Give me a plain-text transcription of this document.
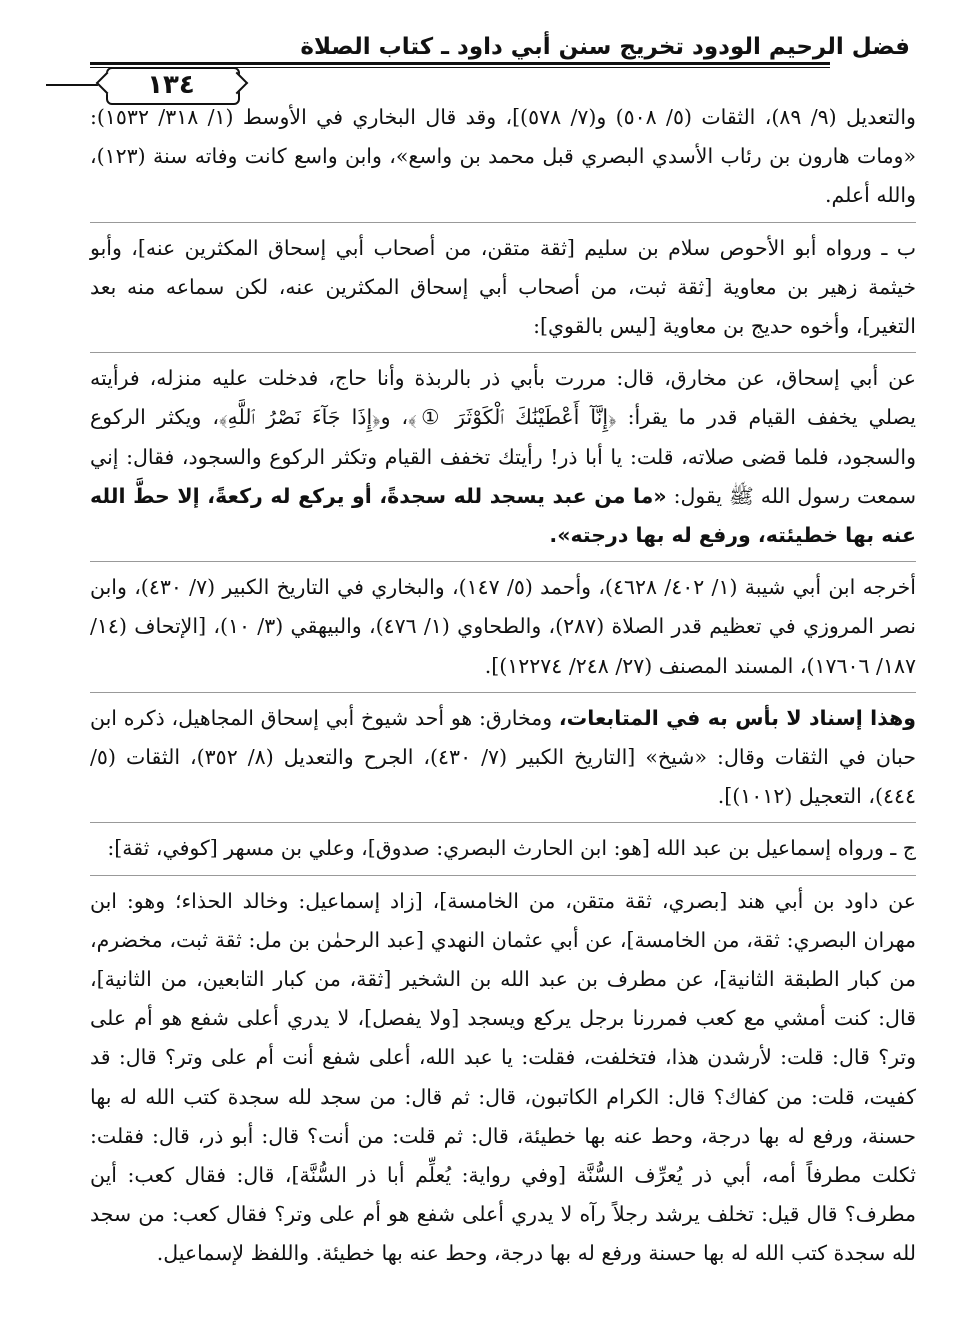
فضل الرحيم الودود تخريج سنن أبي داود ـ كتاب الصلاة
١٣٤

والتعديل (٩/ ٨٩)، الثقات (٥/ ٥٠٨) و(٧/ ٥٧٨)]، وقد قال البخاري في الأوسط (١/ ٣١٨/ ١٥٣٢): «ومات هارون بن رئاب الأسدي البصري قبل محمد بن واسع»، وابن واسع كانت وفاته سنة (١٢٣)، والله أعلم.

ب ـ ورواه أبو الأحوص سلام بن سليم [ثقة متقن، من أصحاب أبي إسحاق المكثرين عنه]، وأبو خيثمة زهير بن معاوية [ثقة ثبت، من أصحاب أبي إسحاق المكثرين عنه، لكن سماعه منه بعد التغير]، وأخوه حديج بن معاوية [ليس بالقوي]:

عن أبي إسحاق، عن مخارق، قال: مررت بأبي ذر بالربذة وأنا حاج، فدخلت عليه منزله، فرأيته يصلي يخفف القيام قدر ما يقرأ: ﴿إِنَّآ أَعْطَيْنَٰكَ ٱلْكَوْثَرَ ①﴾، و﴿إِذَا جَآءَ نَصْرُ ٱللَّهِ﴾، ويكثر الركوع والسجود، فلما قضى صلاته، قلت: يا أبا ذر! رأيتك تخفف القيام وتكثر الركوع والسجود، فقال: إني سمعت رسول الله ﷺ يقول: «ما من عبد يسجد لله سجدةً، أو يركع له ركعةً، إلا حطَّ الله عنه بها خطيئته، ورفع له بها درجته».

أخرجه ابن أبي شيبة (١/ ٤٠٢/ ٤٦٢٨)، وأحمد (٥/ ١٤٧)، والبخاري في التاريخ الكبير (٧/ ٤٣٠)، وابن نصر المروزي في تعظيم قدر الصلاة (٢٨٧)، والطحاوي (١/ ٤٧٦)، والبيهقي (٣/ ١٠)، [الإتحاف (١٤/ ١٨٧/ ١٧٦٠٦)، المسند المصنف (٢٧/ ٢٤٨/ ١٢٢٧٤)].

وهذا إسناد لا بأس به في المتابعات، ومخارق: هو أحد شيوخ أبي إسحاق المجاهيل، ذكره ابن حبان في الثقات وقال: «شيخ» [التاريخ الكبير (٧/ ٤٣٠)، الجرح والتعديل (٨/ ٣٥٢)، الثقات (٥/ ٤٤٤)، التعجيل (١٠١٢)].

ج ـ ورواه إسماعيل بن عبد الله [هو: ابن الحارث البصري: صدوق]، وعلي بن مسهر [كوفي، ثقة]:

عن داود بن أبي هند [بصري، ثقة متقن، من الخامسة]، [زاد إسماعيل: وخالد الحذاء؛ وهو: ابن مهران البصري: ثقة، من الخامسة]، عن أبي عثمان النهدي [عبد الرحمٰن بن مل: ثقة ثبت، مخضرم، من كبار الطبقة الثانية]، عن مطرف بن عبد الله بن الشخير [ثقة، من كبار التابعين، من الثانية]، قال: كنت أمشي مع كعب فمررنا برجل يركع ويسجد [ولا يفصل]، لا يدري أعلى شفع هو أم على وتر؟ قال: قلت: لأرشدن هذا، فتخلفت، فقلت: يا عبد الله، أعلى شفع أنت أم على وتر؟ قال: قد كفيت، قلت: من كفاك؟ قال: الكرام الكاتبون، قال: ثم قال: من سجد لله سجدة كتب الله له بها حسنة، ورفع له بها درجة، وحط عنه بها خطيئة، قال: ثم قلت: من أنت؟ قال: أبو ذر، قال: فقلت: ثكلت مطرفاً أمه، أبي ذر يُعرِّف السُّنَّة [وفي رواية: يُعلِّم أبا ذر السُّنَّة]، قال: فقال كعب: أين مطرف؟ قال قيل: تخلف يرشد رجلاً رآه لا يدري أعلى شفع هو أم على وتر؟ فقال كعب: من سجد لله سجدة كتب الله له بها حسنة ورفع له بها درجة، وحط عنه بها خطيئة. واللفظ لإسماعيل.
